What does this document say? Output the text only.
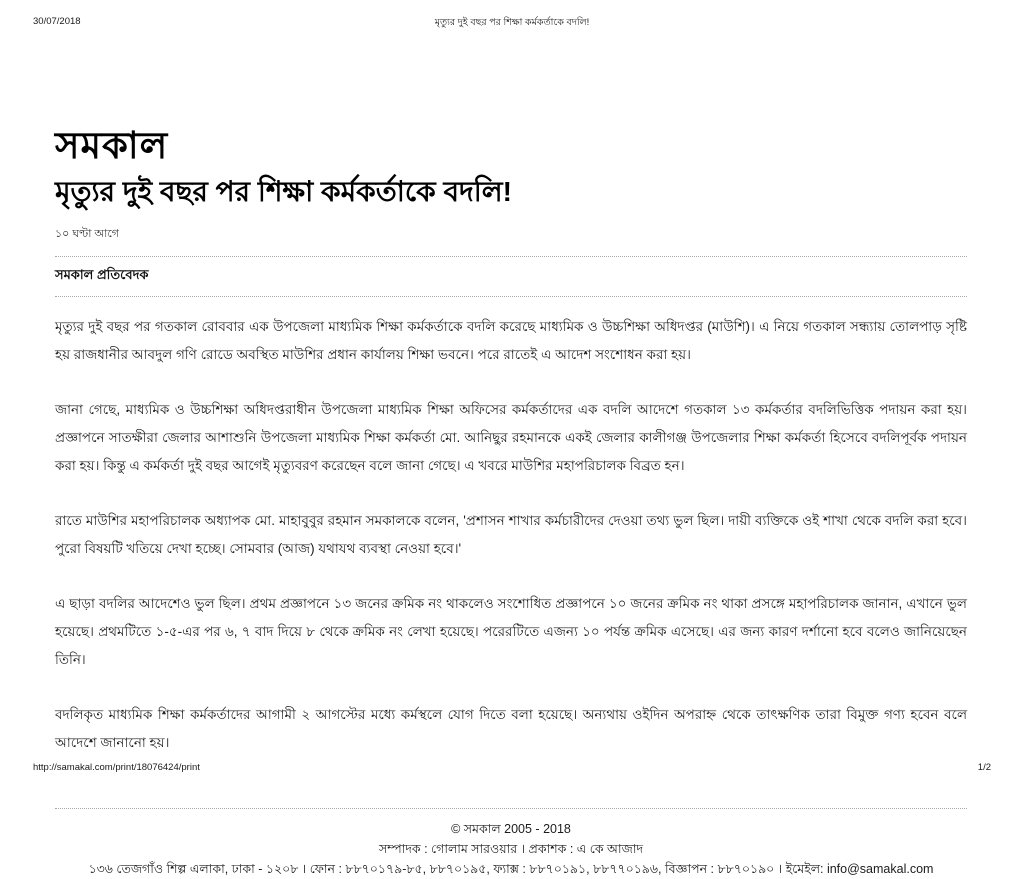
30/07/2018	মৃত্যুর দুই বছর পর শিক্ষা কর্মকর্তাকে বদলি!
সমকাল
মৃত্যুর দুই বছর পর শিক্ষা কর্মকর্তাকে বদলি!
১০ ঘণ্টা আগে
সমকাল প্রতিবেদক

মৃত্যুর দুই বছর পর গতকাল রোববার এক উপজেলা মাধ্যমিক শিক্ষা কর্মকর্তাকে বদলি করেছে মাধ্যমিক ও উচ্চশিক্ষা অধিদপ্তর (মাউশি)। এ নিয়ে গতকাল সন্ধ্যায় তোলপাড় সৃষ্টি হয় রাজধানীর আবদুল গণি রোডে অবস্থিত মাউশির প্রধান কার্যালয় শিক্ষা ভবনে। পরে রাতেই এ আদেশ সংশোধন করা হয়।

জানা গেছে, মাধ্যমিক ও উচ্চশিক্ষা অধিদপ্তরাধীন উপজেলা মাধ্যমিক শিক্ষা অফিসের কর্মকর্তাদের এক বদলি আদেশে গতকাল ১৩ কর্মকর্তার বদলিভিত্তিক পদায়ন করা হয়। প্রজ্ঞাপনে সাতক্ষীরা জেলার আশাশুনি উপজেলা মাধ্যমিক শিক্ষা কর্মকর্তা মো. আনিছুর রহমানকে একই জেলার কালীগঞ্জ উপজেলার শিক্ষা কর্মকর্তা হিসেবে বদলিপূর্বক পদায়ন করা হয়। কিন্তু এ কর্মকর্তা দুই বছর আগেই মৃত্যুবরণ করেছেন বলে জানা গেছে। এ খবরে মাউশির মহাপরিচালক বিব্রত হন।

রাতে মাউশির মহাপরিচালক অধ্যাপক মো. মাহাবুবুর রহমান সমকালকে বলেন, 'প্রশাসন শাখার কর্মচারীদের দেওয়া তথ্য ভুল ছিল। দায়ী ব্যক্তিকে ওই শাখা থেকে বদলি করা হবে। পুরো বিষয়টি খতিয়ে দেখা হচ্ছে। সোমবার (আজ) যথাযথ ব্যবস্থা নেওয়া হবে।'

এ ছাড়া বদলির আদেশেও ভুল ছিল। প্রথম প্রজ্ঞাপনে ১৩ জনের ক্রমিক নং থাকলেও সংশোধিত প্রজ্ঞাপনে ১০ জনের ক্রমিক নং থাকা প্রসঙ্গে মহাপরিচালক জানান, এখানে ভুল হয়েছে। প্রথমটিতে ১-৫-এর পর ৬, ৭ বাদ দিয়ে ৮ থেকে ক্রমিক নং লেখা হয়েছে। পরেরটিতে এজন্য ১০ পর্যন্ত ক্রমিক এসেছে। এর জন্য কারণ দর্শানো হবে বলেও জানিয়েছেন তিনি।

বদলিকৃত মাধ্যমিক শিক্ষা কর্মকর্তাদের আগামী ২ আগস্টের মধ্যে কর্মস্থলে যোগ দিতে বলা হয়েছে। অন্যথায় ওইদিন অপরাহ্ন থেকে তাৎক্ষণিক তারা বিমুক্ত গণ্য হবেন বলে আদেশে জানানো হয়।

© সমকাল 2005 - 2018
সম্পাদক : গোলাম সারওয়ার । প্রকাশক : এ কে আজাদ
১৩৬ তেজগাঁও শিল্প এলাকা, ঢাকা - ১২০৮ । ফোন : ৮৮৭০১৭৯-৮৫, ৮৮৭০১৯৫, ফ্যাক্স : ৮৮৭০১৯১, ৮৮৭৭০১৯৬, বিজ্ঞাপন : ৮৮৭০১৯০ । ইমেইল: info@samakal.com
http://samakal.com/print/18076424/print	1/2
